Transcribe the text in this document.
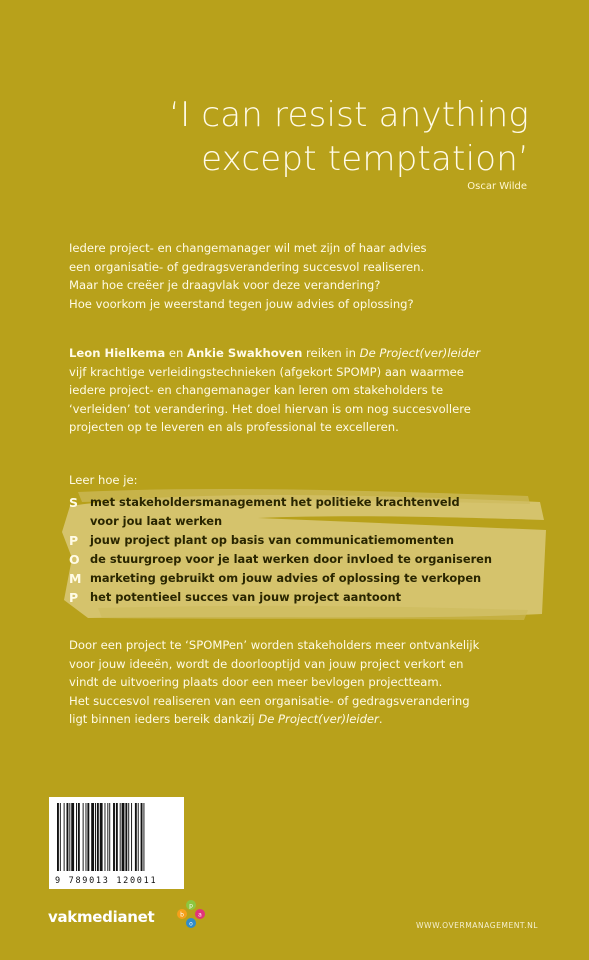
‘I can resist anything
except temptation’
Oscar Wilde
Iedere project- en changemanager wil met zijn of haar advies
een organisatie- of gedragsverandering succesvol realiseren.
Maar hoe creëer je draagvlak voor deze verandering?
Hoe voorkom je weerstand tegen jouw advies of oplossing?
Leon Hielkema en Ankie Swakhoven reiken in De Project(ver)leider
vijf krachtige verleidingstechnieken (afgekort SPOMP) aan waarmee
iedere project- en changemanager kan leren om stakeholders te
‘verleiden’ tot verandering. Het doel hiervan is om nog succesvollere
projecten op te leveren en als professional te excelleren.
Leer hoe je:
S met stakeholdersmanagement het politieke krachtenveld
voor jou laat werken
P jouw project plant op basis van communicatiemomenten
O de stuurgroep voor je laat werken door invloed te organiseren
M marketing gebruikt om jouw advies of oplossing te verkopen
P het potentieel succes van jouw project aantoont
Door een project te ‘SPOMPen’ worden stakeholders meer ontvankelijk
voor jouw ideeën, wordt de doorlooptijd van jouw project verkort en
vindt de uitvoering plaats door een meer bevlogen projectteam.
Het succesvol realiseren van een organisatie- of gedragsverandering
ligt binnen ieders bereik dankzij De Project(ver)leider.
9 789013 120011
vakmedianet
p
a
o
b
WWW.OVERMANAGEMENT.NL
